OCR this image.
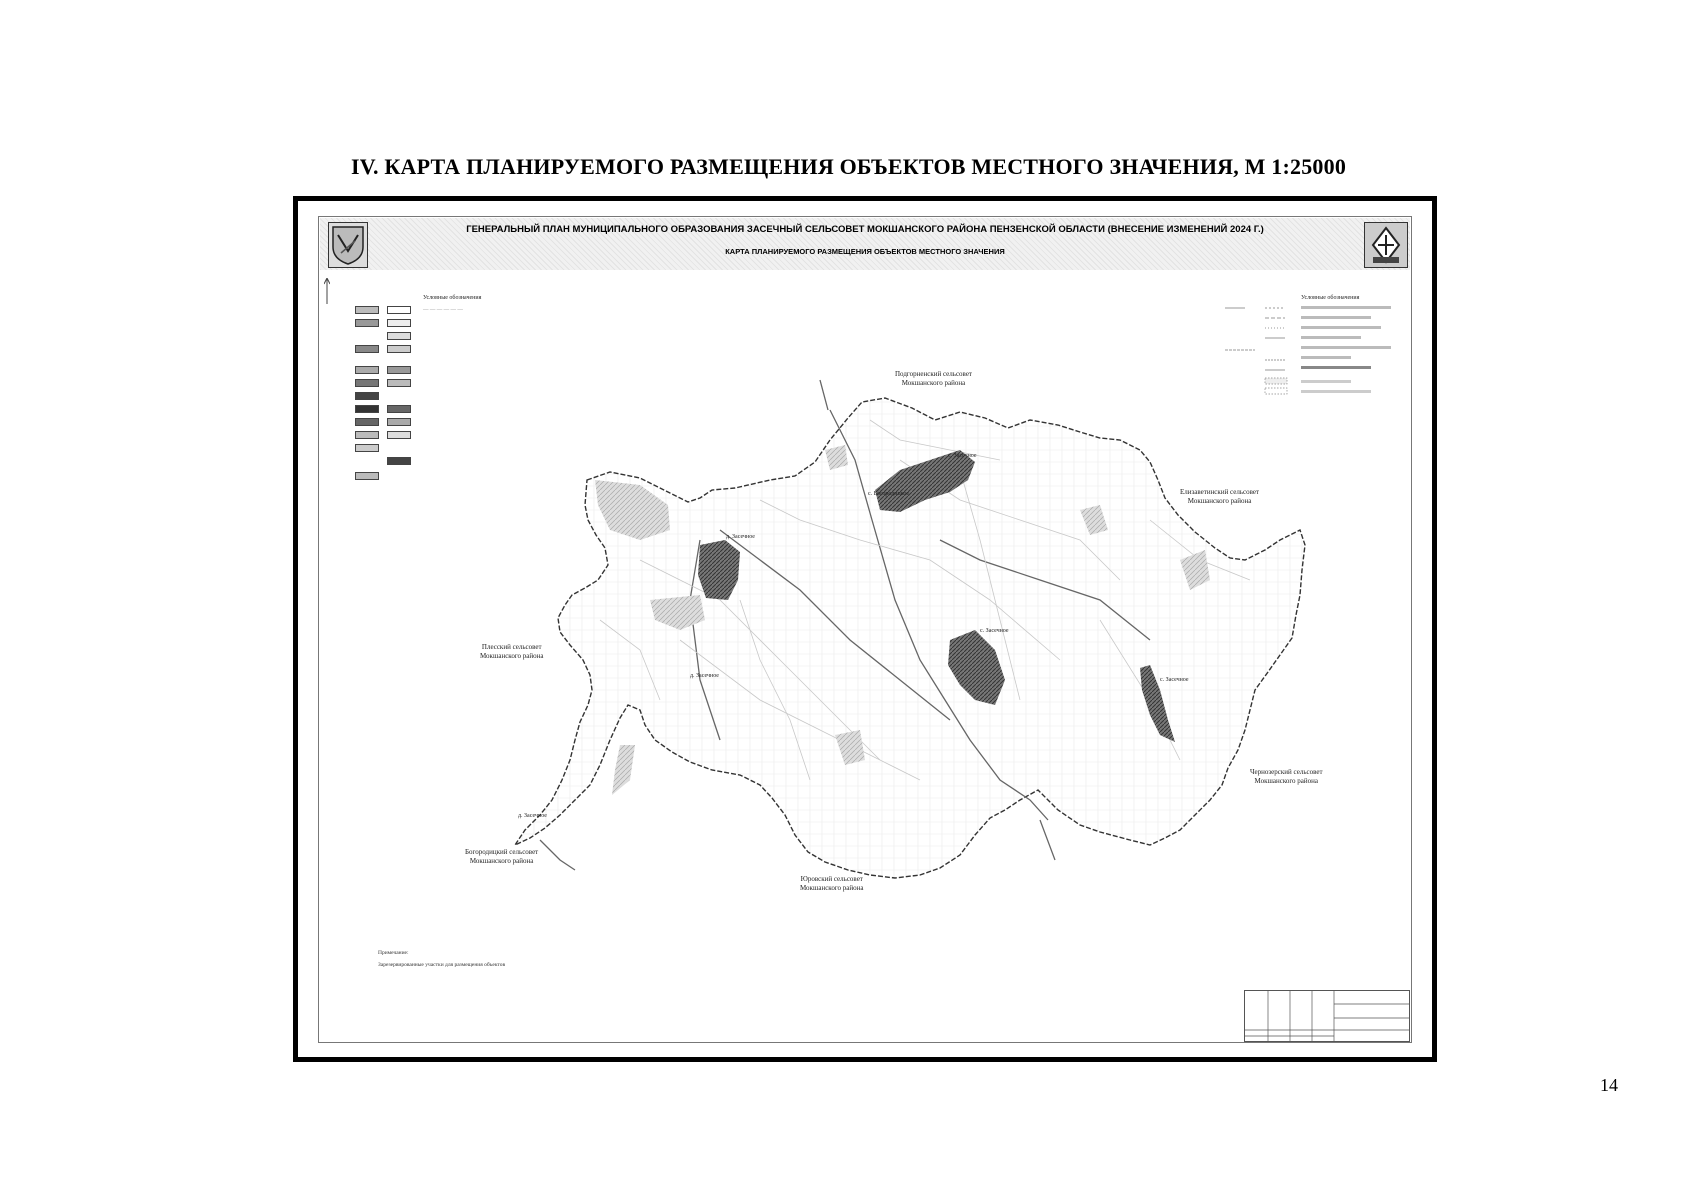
IV. КАРТА ПЛАНИРУЕМОГО РАЗМЕЩЕНИЯ ОБЪЕКТОВ МЕСТНОГО ЗНАЧЕНИЯ, М 1:25000
ГЕНЕРАЛЬНЫЙ ПЛАН МУНИЦИПАЛЬНОГО ОБРАЗОВАНИЯ ЗАСЕЧНЫЙ СЕЛЬСОВЕТ МОКШАНСКОГО РАЙОНА ПЕНЗЕНСКОЙ ОБЛАСТИ (ВНЕСЕНИЕ ИЗМЕНЕНИЙ 2024 Г.)
КАРТА ПЛАНИРУЕМОГО РАЗМЕЩЕНИЯ ОБЪЕКТОВ МЕСТНОГО ЗНАЧЕНИЯ
Условные обозначения
— — — — — —
Условные обозначения
Подгорненский сельсовет
Мокшанского района
Елизаветинский сельсовет
Мокшанского района
Плесский сельсовет
Мокшанского района
Богородицкий сельсовет
Мокшанского района
Юровский сельсовет
Мокшанского района
Чернозерский сельсовет
Мокшанского района
с. Засечное
с. Богородицкое
д. Засечное
с. Засечное
с. Засечное
д. Засечное
д. Засечное
Примечание:
Зарезервированные участки для размещения объектов
14
